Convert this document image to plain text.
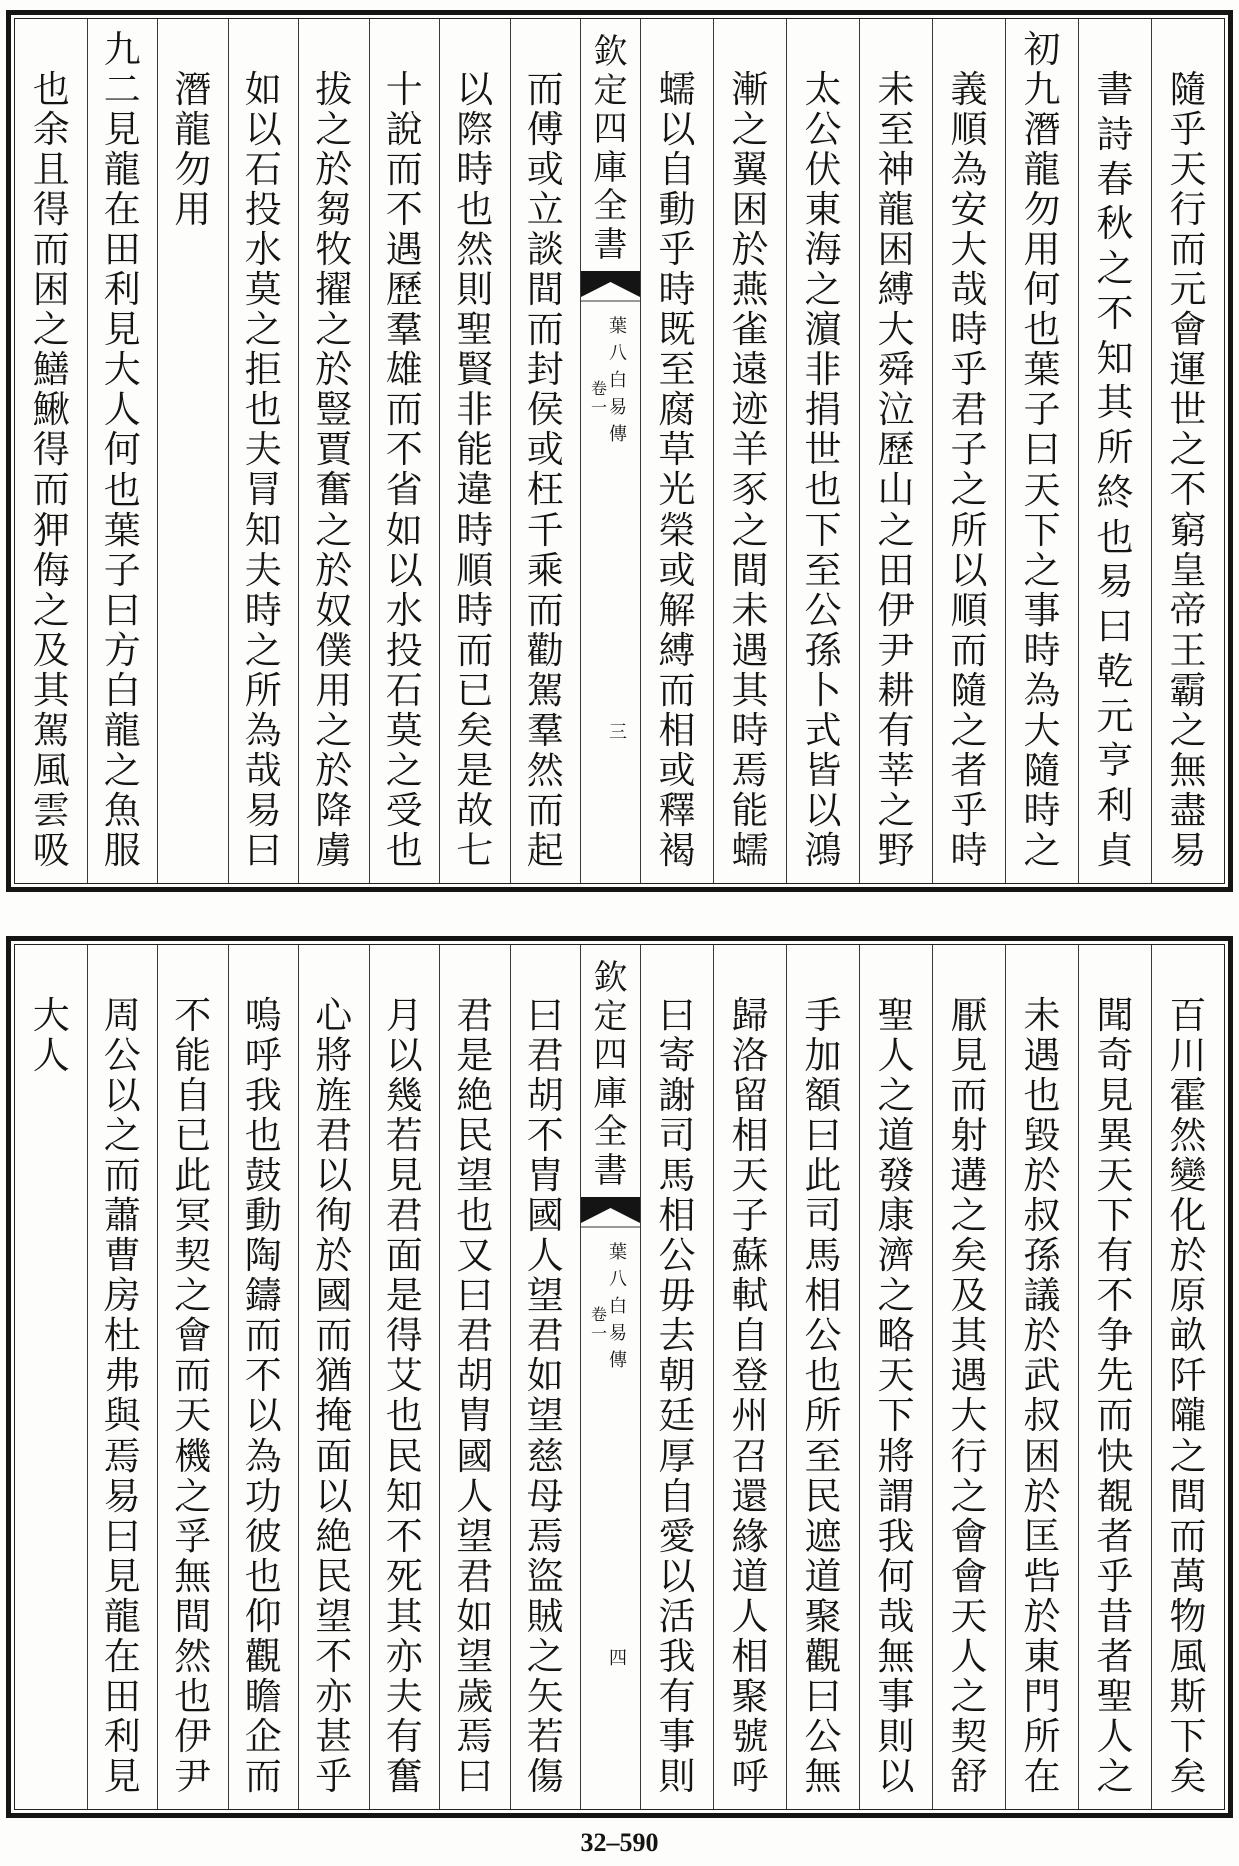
隨
乎
天
行
而
元
會
運
世
之
不
窮
皇
帝
王
霸
之
無
盡
易
書
詩
春
秋
之
不
知
其
所
終
也
易
曰
乾
元
亨
利
貞
初
九
潛
龍
勿
用
何
也
葉
子
曰
天
下
之
事
時
為
大
隨
時
之
義
順
為
安
大
哉
時
乎
君
子
之
所
以
順
而
隨
之
者
乎
時
未
至
神
龍
困
縛
大
舜
泣
歷
山
之
田
伊
尹
耕
有
莘
之
野
太
公
伏
東
海
之
濵
非
捐
世
也
下
至
公
孫
卜
式
皆
以
鴻
漸
之
翼
困
於
燕
雀
遠
迹
羊
豕
之
間
未
遇
其
時
焉
能
蠕
蠕
以
自
動
乎
時
既
至
腐
草
光
榮
或
解
縛
而
相
或
釋
褐
欽
定
四
庫
全
書
葉
八
白
易
傳
卷
一
三
而
傅
或
立
談
間
而
封
侯
或
枉
千
乘
而
勸
駕
羣
然
而
起
以
際
時
也
然
則
聖
賢
非
能
違
時
順
時
而
已
矣
是
故
七
十
說
而
不
遇
歷
羣
雄
而
不
省
如
以
水
投
石
莫
之
受
也
拔
之
於
芻
牧
擢
之
於
豎
賈
奮
之
於
奴
僕
用
之
於
降
虜
如
以
石
投
水
莫
之
拒
也
夫
冐
知
夫
時
之
所
為
哉
易
曰
潛
龍
勿
用
九
二
見
龍
在
田
利
見
大
人
何
也
葉
子
曰
方
白
龍
之
魚
服
也
余
且
得
而
困
之
鱔
鰍
得
而
狎
侮
之
及
其
駕
風
雲
吸
百
川
霍
然
變
化
於
原
畝
阡
隴
之
間
而
萬
物
風
斯
下
矣
聞
奇
見
異
天
下
有
不
争
先
而
快
覩
者
乎
昔
者
聖
人
之
未
遇
也
毀
於
叔
孫
議
於
武
叔
困
於
匡
呰
於
東
門
所
在
厭
見
而
射
遘
之
矣
及
其
遇
大
行
之
會
會
天
人
之
契
舒
聖
人
之
道
發
康
濟
之
略
天
下
將
謂
我
何
哉
無
事
則
以
手
加
額
曰
此
司
馬
相
公
也
所
至
民
遮
道
聚
觀
曰
公
無
歸
洛
留
相
天
子
蘇
軾
自
登
州
召
還
緣
道
人
相
聚
號
呼
曰
寄
謝
司
馬
相
公
毋
去
朝
廷
厚
自
愛
以
活
我
有
事
則
欽
定
四
庫
全
書
葉
八
白
易
傳
卷
一
四
曰
君
胡
不
胄
國
人
望
君
如
望
慈
母
焉
盜
賊
之
矢
若
傷
君
是
絶
民
望
也
又
曰
君
胡
胄
國
人
望
君
如
望
歲
焉
曰
月
以
幾
若
見
君
面
是
得
艾
也
民
知
不
死
其
亦
夫
有
奮
心
將
旌
君
以
徇
於
國
而
猶
掩
面
以
絶
民
望
不
亦
甚
乎
嗚
呼
我
也
鼓
動
陶
鑄
而
不
以
為
功
彼
也
仰
觀
瞻
企
而
不
能
自
已
此
冥
契
之
會
而
天
機
之
孚
無
間
然
也
伊
尹
周
公
以
之
而
蕭
曹
房
杜
弗
與
焉
易
曰
見
龍
在
田
利
見
大
人
32–590
